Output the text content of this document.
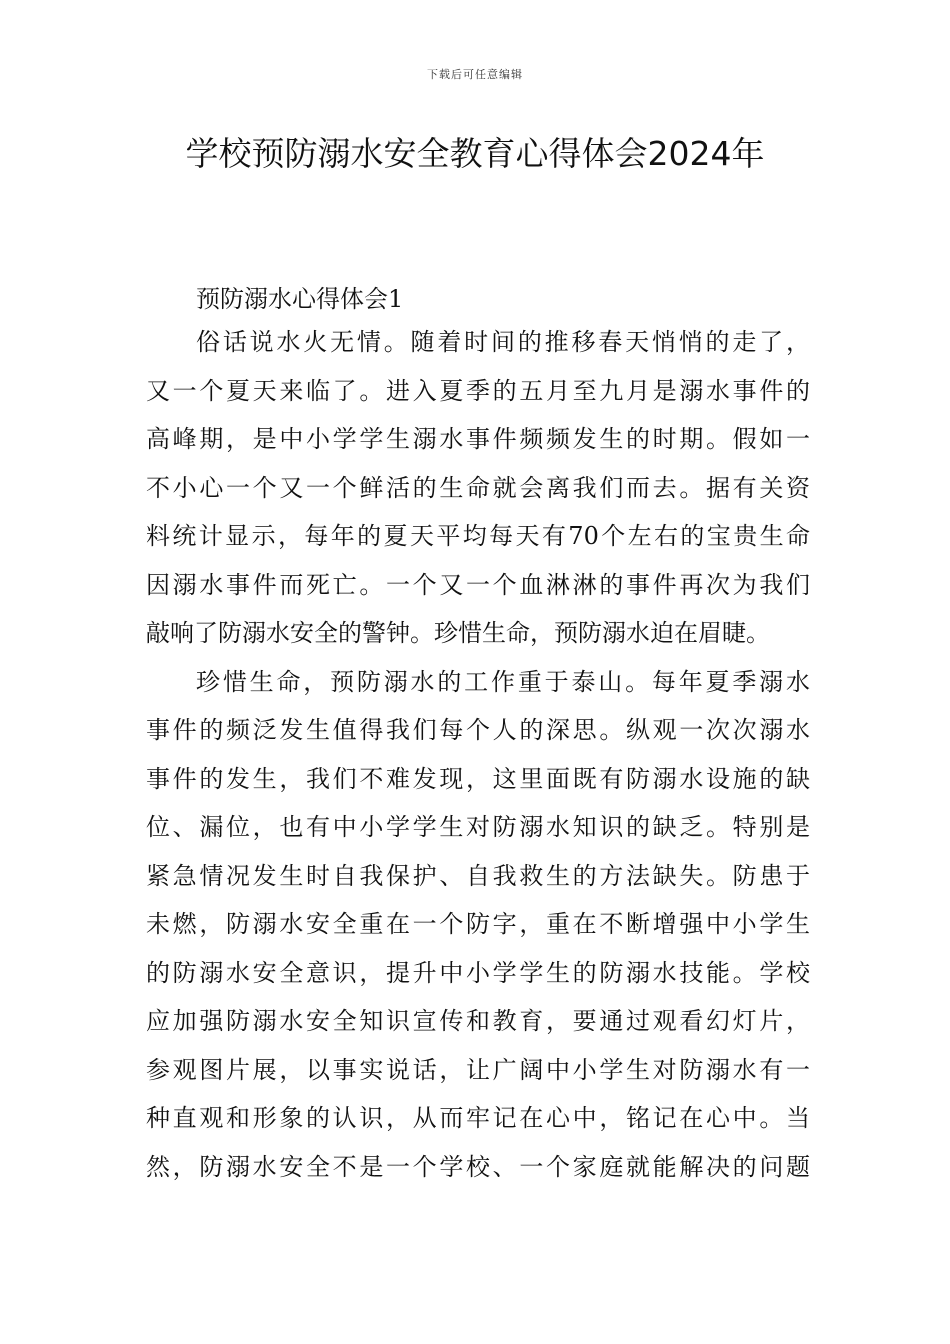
下载后可任意编辑
学校预防溺水安全教育心得体会2024年

预防溺水心得体会1

俗话说水火无情。随着时间的推移春天悄悄的走了，
又一个夏天来临了。进入夏季的五月至九月是溺水事件的
高峰期，是中小学学生溺水事件频频发生的时期。假如一
不小心一个又一个鲜活的生命就会离我们而去。据有关资
料统计显示，每年的夏天平均每天有70个左右的宝贵生命
因溺水事件而死亡。一个又一个血淋淋的事件再次为我们
敲响了防溺水安全的警钟。珍惜生命，预防溺水迫在眉睫。

珍惜生命，预防溺水的工作重于泰山。每年夏季溺水
事件的频泛发生值得我们每个人的深思。纵观一次次溺水
事件的发生，我们不难发现，这里面既有防溺水设施的缺
位、漏位，也有中小学学生对防溺水知识的缺乏。特别是
紧急情况发生时自我保护、自我救生的方法缺失。防患于
未燃，防溺水安全重在一个防字，重在不断增强中小学生
的防溺水安全意识，提升中小学学生的防溺水技能。学校
应加强防溺水安全知识宣传和教育，要通过观看幻灯片，
参观图片展，以事实说话，让广阔中小学生对防溺水有一
种直观和形象的认识，从而牢记在心中，铭记在心中。当
然，防溺水安全不是一个学校、一个家庭就能解决的问题
